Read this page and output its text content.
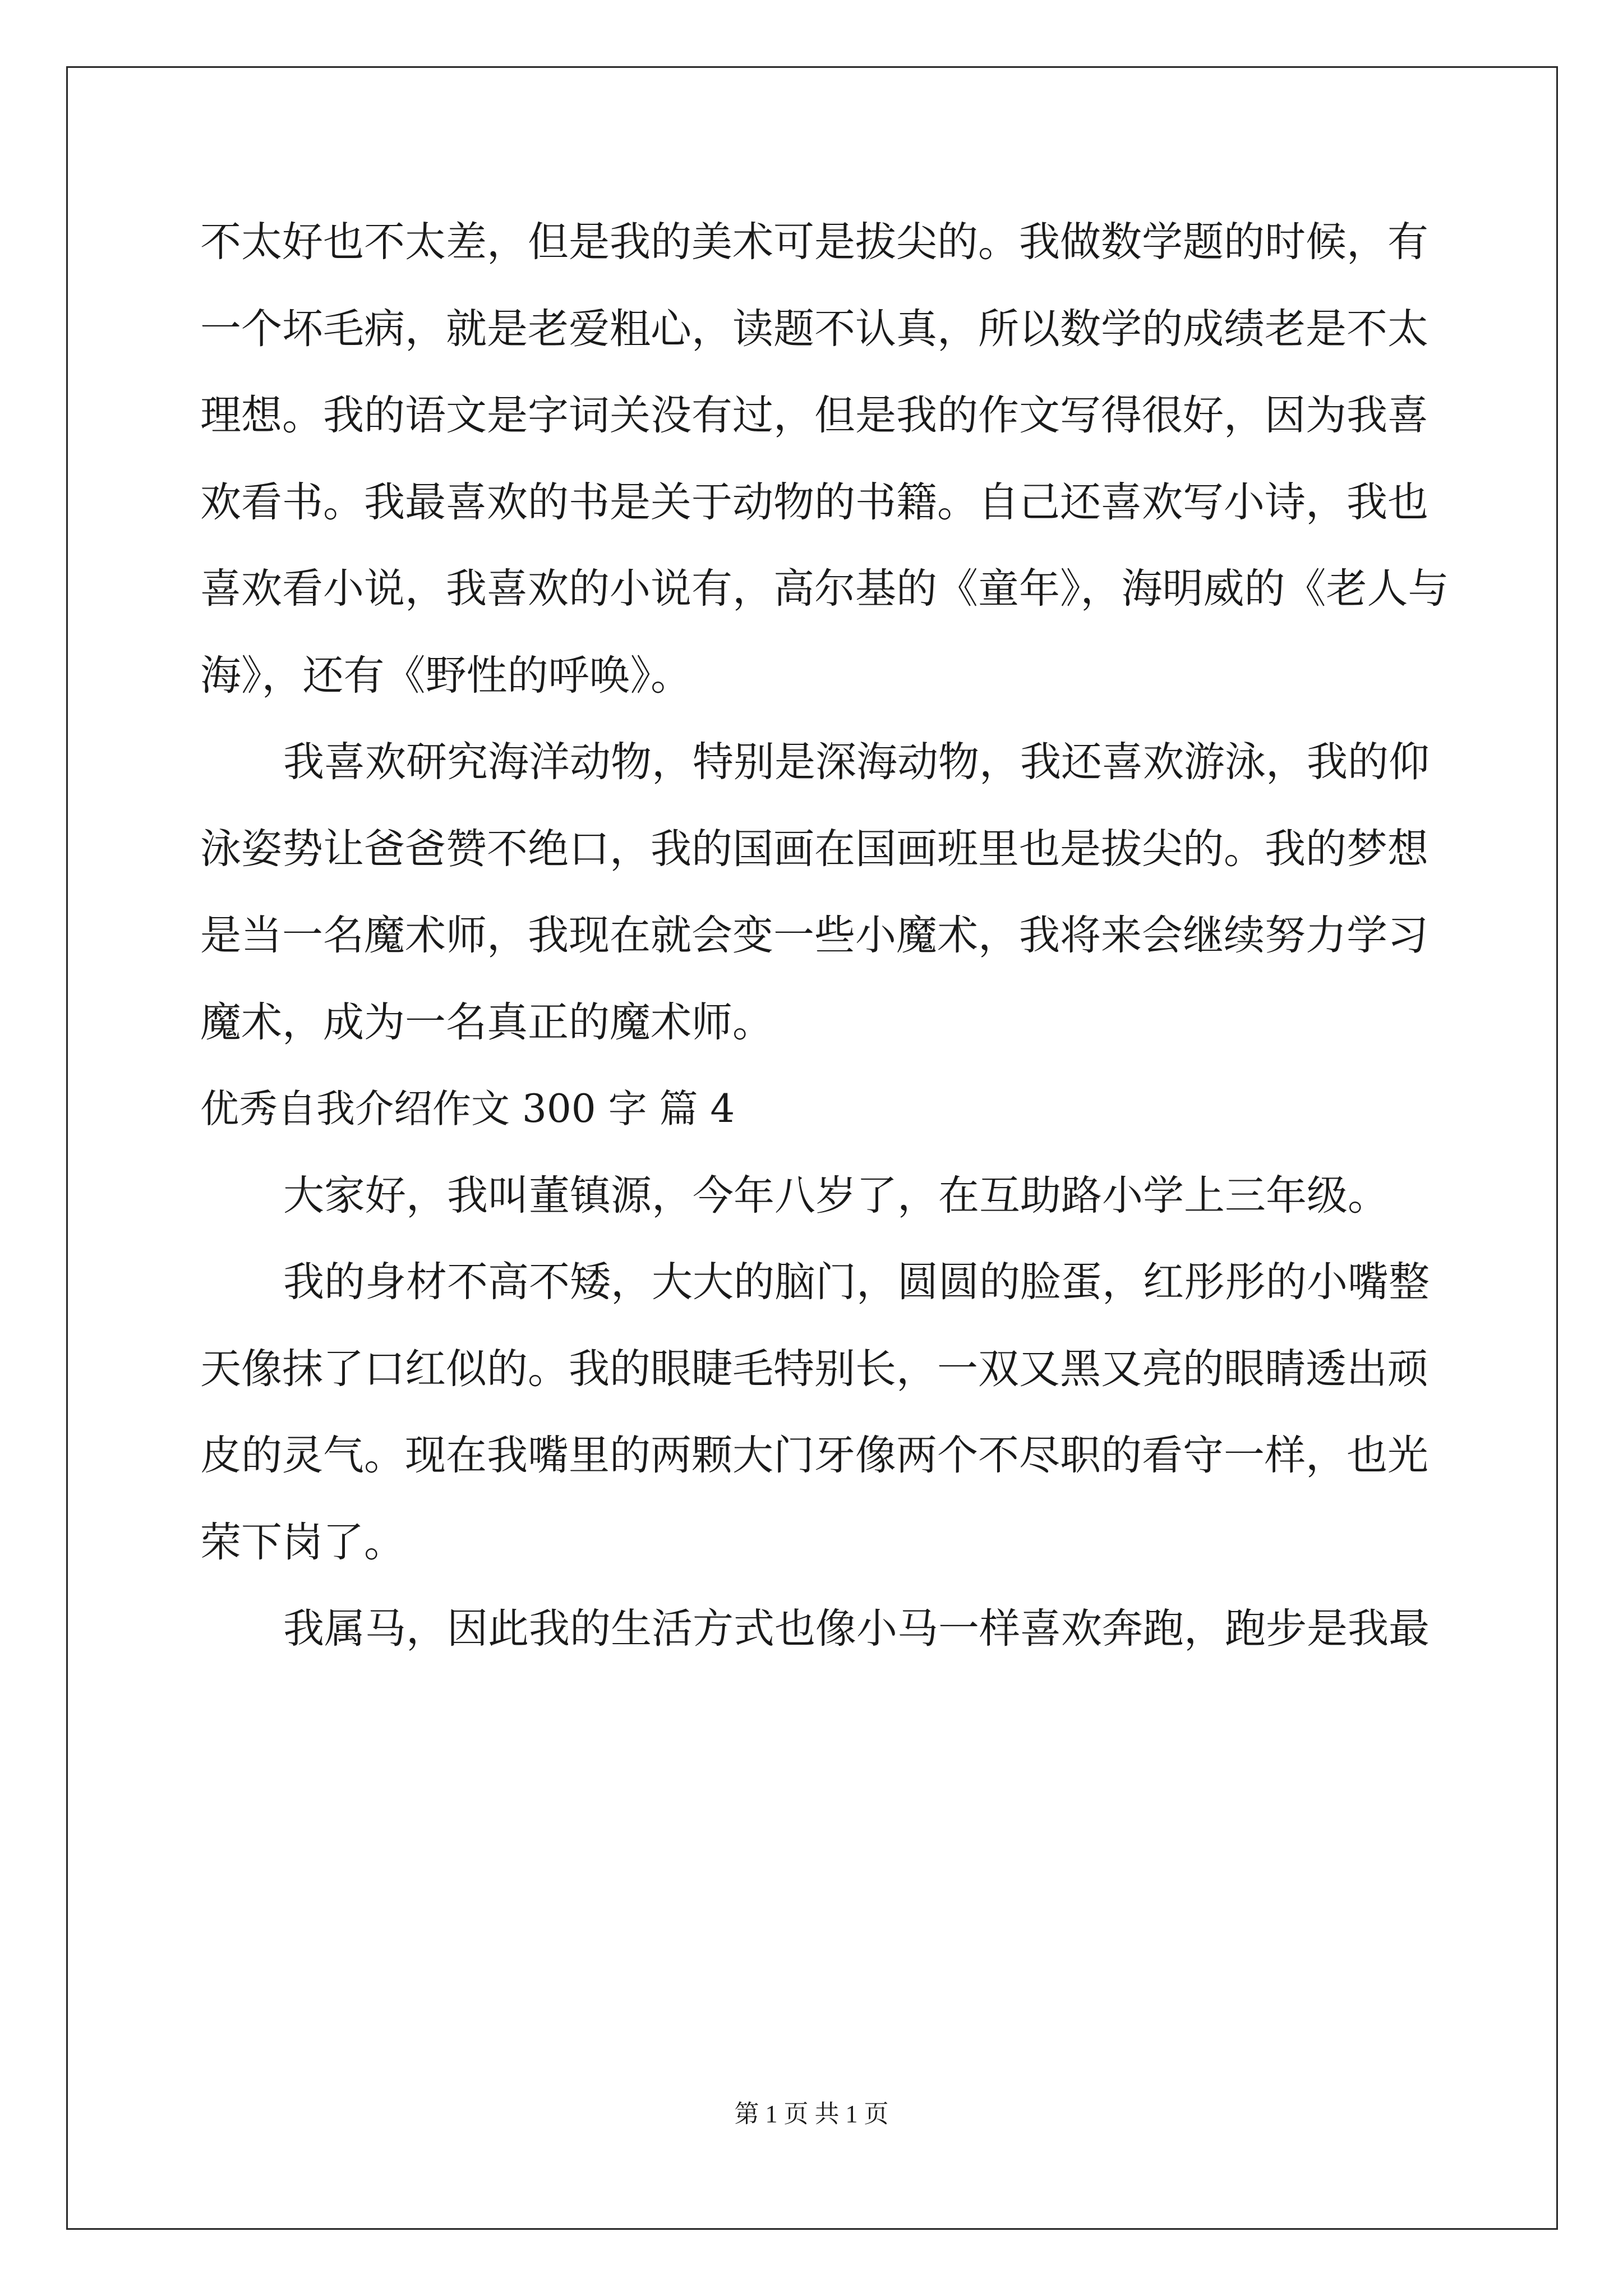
不太好也不太差，但是我的美术可是拔尖的。我做数学题的时候，有
一个坏毛病，就是老爱粗心，读题不认真，所以数学的成绩老是不太
理想。我的语文是字词关没有过，但是我的作文写得很好，因为我喜
欢看书。我最喜欢的书是关于动物的书籍。自己还喜欢写小诗，我也
喜欢看小说，我喜欢的小说有，高尔基的《童年》，海明威的《老人与
海》，还有《野性的呼唤》。
我喜欢研究海洋动物，特别是深海动物，我还喜欢游泳，我的仰
泳姿势让爸爸赞不绝口，我的国画在国画班里也是拔尖的。我的梦想
是当一名魔术师，我现在就会变一些小魔术，我将来会继续努力学习
魔术，成为一名真正的魔术师。
优秀自我介绍作文 300 字 篇 4
大家好，我叫董镇源，今年八岁了，在互助路小学上三年级。
我的身材不高不矮，大大的脑门，圆圆的脸蛋，红彤彤的小嘴整
天像抹了口红似的。我的眼睫毛特别长，一双又黑又亮的眼睛透出顽
皮的灵气。现在我嘴里的两颗大门牙像两个不尽职的看守一样，也光
荣下岗了。
我属马，因此我的生活方式也像小马一样喜欢奔跑，跑步是我最
第 1 页 共 1 页
